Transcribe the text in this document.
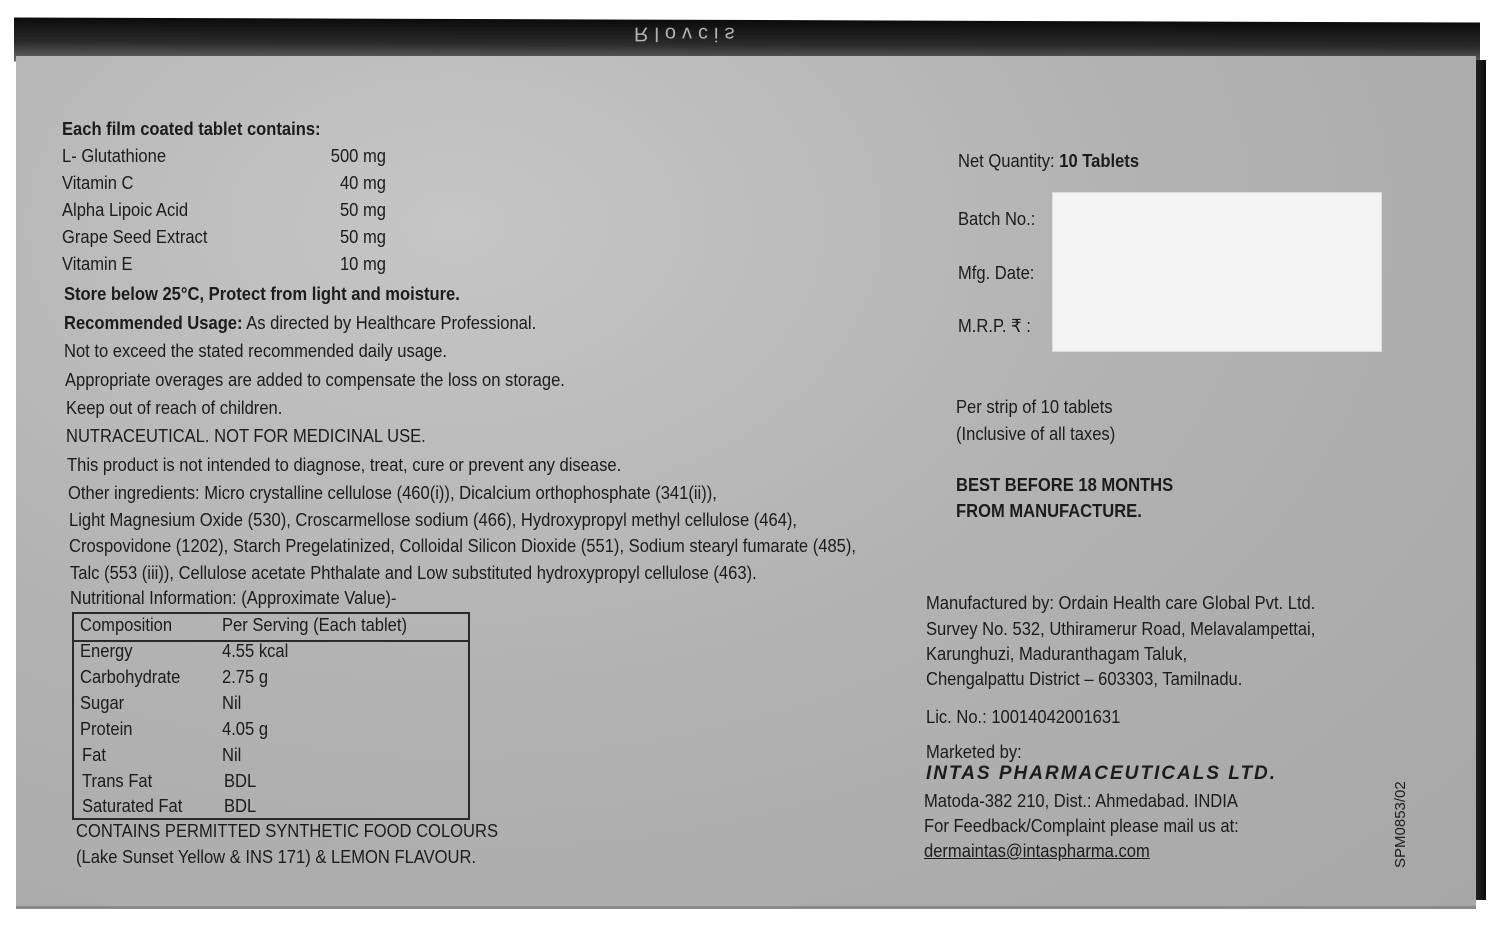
Rlovcis
Each film coated tablet contains:
L- Glutathione	500 mg
Vitamin C	40 mg
Alpha Lipoic Acid	50 mg
Grape Seed Extract	50 mg
Vitamin E	10 mg
Store below 25°C, Protect from light and moisture.
Recommended Usage: As directed by Healthcare Professional.
Not to exceed the stated recommended daily usage.
Appropriate overages are added to compensate the loss on storage.
Keep out of reach of children.
NUTRACEUTICAL. NOT FOR MEDICINAL USE.
This product is not intended to diagnose, treat, cure or prevent any disease.
Other ingredients: Micro crystalline cellulose (460(i)), Dicalcium orthophosphate (341(ii)),
Light Magnesium Oxide (530), Croscarmellose sodium (466), Hydroxypropyl methyl cellulose (464),
Crospovidone (1202), Starch Pregelatinized, Colloidal Silicon Dioxide (551), Sodium stearyl fumarate (485),
Talc (553 (iii)), Cellulose acetate Phthalate and Low substituted hydroxypropyl cellulose (463).
Nutritional Information: (Approximate Value)-
Composition	Per Serving (Each tablet)
Energy	4.55 kcal
Carbohydrate 2.75 g
Sugar	Nil
Protein	4.05 g
Fat	Nil
Trans Fat	BDL
Saturated Fat BDL
CONTAINS PERMITTED SYNTHETIC FOOD COLOURS
(Lake Sunset Yellow & INS 171) & LEMON FLAVOUR.
Net Quantity: 10 Tablets
Batch No.:
Mfg. Date:
M.R.P. ₹ :
Per strip of 10 tablets
(Inclusive of all taxes)
BEST BEFORE 18 MONTHS
FROM MANUFACTURE.
Manufactured by: Ordain Health care Global Pvt. Ltd.
Survey No. 532, Uthiramerur Road, Melavalampettai,
Karunghuzi, Maduranthagam Taluk,
Chengalpattu District – 603303, Tamilnadu.
Lic. No.: 10014042001631
Marketed by:
INTAS PHARMACEUTICALS LTD.
Matoda-382 210, Dist.: Ahmedabad. INDIA
For Feedback/Complaint please mail us at:
dermaintas@intaspharma.com	SPM0853/02
